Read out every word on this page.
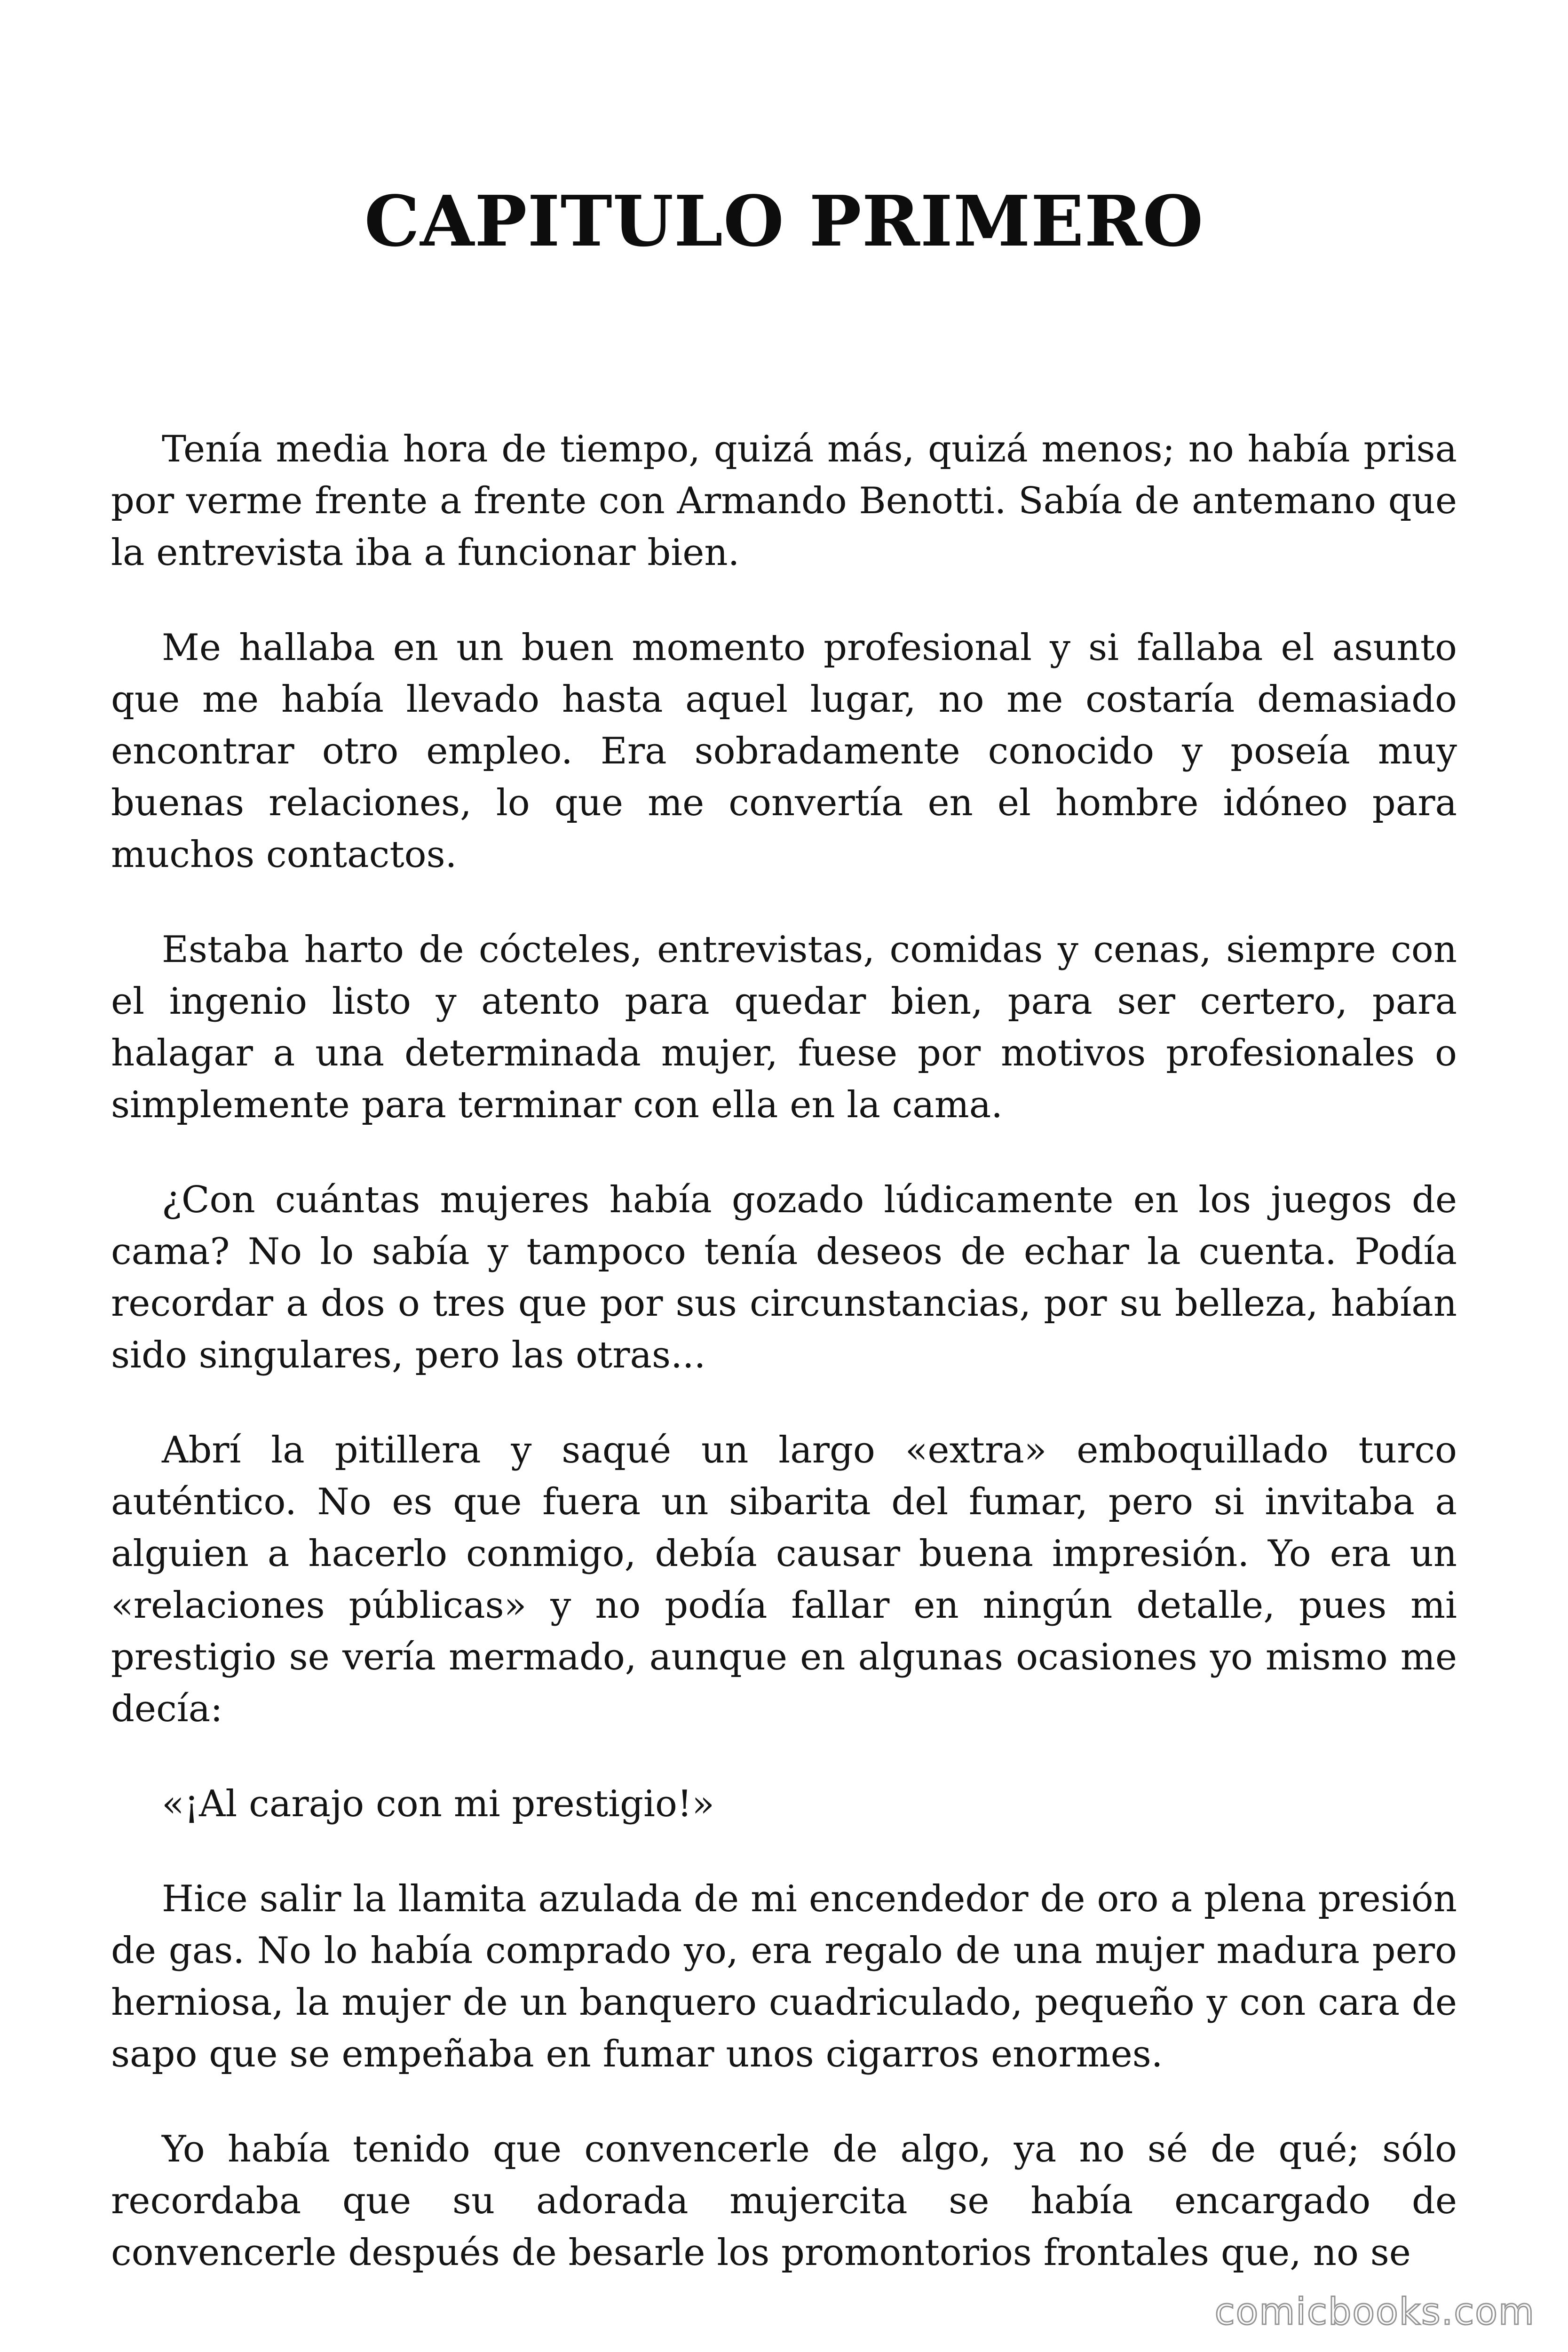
CAPITULO PRIMERO

Tenía media hora de tiempo, quizá más, quizá menos; no había prisa por verme frente a frente con Armando Benotti. Sabía de antemano que la entrevista iba a funcionar bien.

Me hallaba en un buen momento profesional y si fallaba el asunto que me había llevado hasta aquel lugar, no me costaría demasiado encontrar otro empleo. Era sobradamente conocido y poseía muy buenas relaciones, lo que me convertía en el hombre idóneo para muchos contactos.

Estaba harto de cócteles, entrevistas, comidas y cenas, siempre con el ingenio listo y atento para quedar bien, para ser certero, para halagar a una determinada mujer, fuese por motivos profesionales o simplemente para terminar con ella en la cama.

¿Con cuántas mujeres había gozado lúdicamente en los juegos de cama? No lo sabía y tampoco tenía deseos de echar la cuenta. Podía recordar a dos o tres que por sus circunstancias, por su belleza, habían sido singulares, pero las otras...

Abrí la pitillera y saqué un largo «extra» emboquillado turco auténtico. No es que fuera un sibarita del fumar, pero si invitaba a alguien a hacerlo conmigo, debía causar buena impresión. Yo era un «relaciones públicas» y no podía fallar en ningún detalle, pues mi prestigio se vería mermado, aunque en algunas ocasiones yo mismo me decía:

«¡Al carajo con mi prestigio!»

Hice salir la llamita azulada de mi encendedor de oro a plena presión de gas. No lo había comprado yo, era regalo de una mujer madura pero herniosa, la mujer de un banquero cuadriculado, pequeño y con cara de sapo que se empeñaba en fumar unos cigarros enormes.

Yo había tenido que convencerle de algo, ya no sé de qué; sólo recordaba que su adorada mujercita se había encargado de convencerle después de besarle los promontorios frontales que, no se

comicbooks.com
